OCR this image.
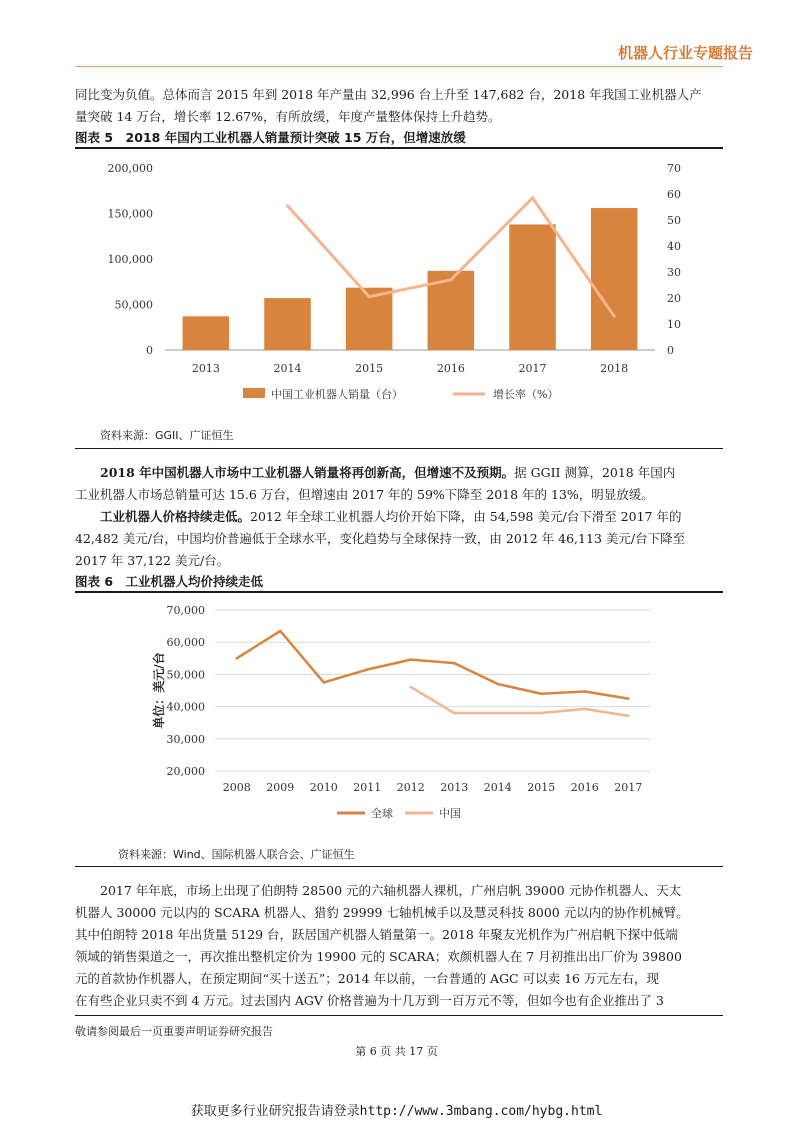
机器人行业专题报告
同比变为负值。总体而言 2015 年到 2018 年产量由 32,996 台上升至 147,682 台，2018 年我国工业机器人产
量突破 14 万台，增长率 12.67%，有所放缓，年度产量整体保持上升趋势。
图表 5　2018 年国内工业机器人销量预计突破 15 万台，但增速放缓
0
50,000
100,000
150,000
200,000
0
10
20
30
40
50
60
70
2013	2014	2015	2016	2017	2018
中国工业机器人销量（台）	增长率（%）
资料来源：GGII、广证恒生
2018 年中国机器人市场中工业机器人销量将再创新高，但增速不及预期。据 GGII 测算，2018 年国内
工业机器人市场总销量可达 15.6 万台，但增速由 2017 年的 59%下降至 2018 年的 13%，明显放缓。
工业机器人价格持续走低。2012 年全球工业机器人均价开始下降，由 54,598 美元/台下滑至 2017 年的
42,482 美元/台，中国均价普遍低于全球水平，变化趋势与全球保持一致，由 2012 年 46,113 美元/台下降至
2017 年 37,122 美元/台。
图表 6　工业机器人均价持续走低
20,000
30,000
40,000
50,000
60,000
70,000
单位：美元/台
2008 2009 2010 2011 2012 2013 2014 2015 2016 2017
全球	中国
资料来源：Wind、国际机器人联合会、广证恒生
2017 年年底，市场上出现了伯朗特 28500 元的六轴机器人裸机，广州启帆 39000 元协作机器人、天太
机器人 30000 元以内的 SCARA 机器人、猎豹 29999 七轴机械手以及慧灵科技 8000 元以内的协作机械臂。
其中伯朗特 2018 年出货量 5129 台，跃居国产机器人销量第一。2018 年聚友光机作为广州启帆下探中低端
领域的销售渠道之一，再次推出整机定价为 19900 元的 SCARA；欢颜机器人在 7 月初推出出厂价为 39800
元的首款协作机器人，在预定期间“买十送五”；2014 年以前，一台普通的 AGC 可以卖 16 万元左右，现
在有些企业只卖不到 4 万元。过去国内 AGV 价格普遍为十几万到一百万元不等，但如今也有企业推出了 3
敬请参阅最后一页重要声明证券研究报告
第 6 页 共 17 页
获取更多行业研究报告请登录http://www.3mbang.com/hybg.html
